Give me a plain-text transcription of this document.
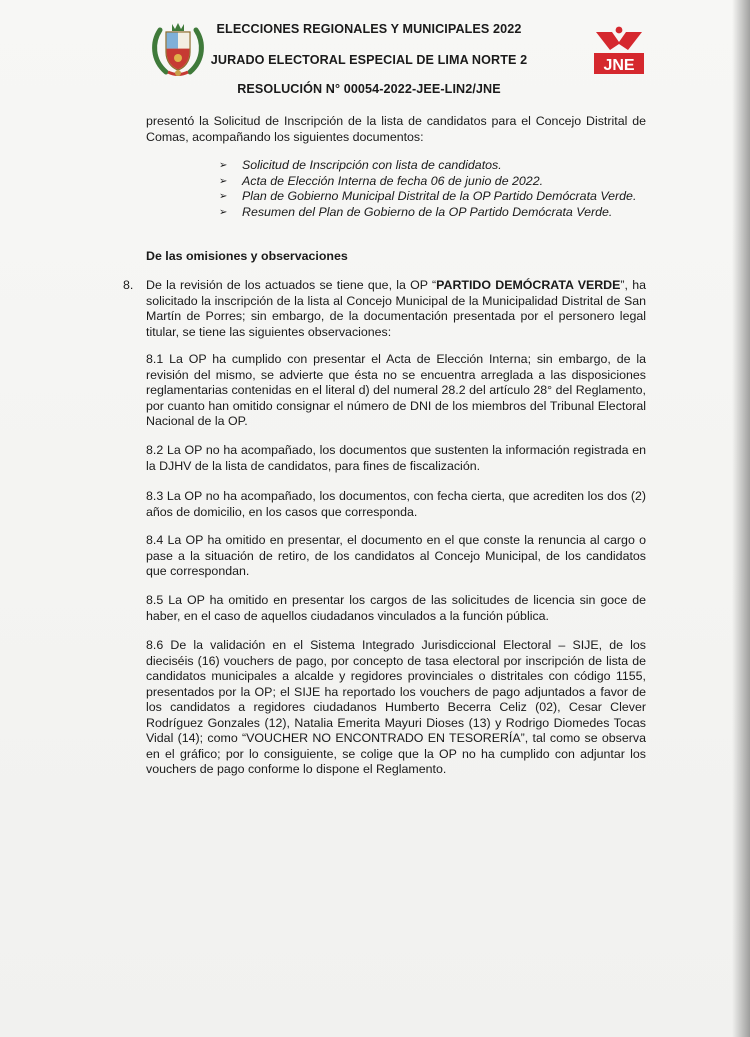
ELECCIONES REGIONALES Y MUNICIPALES 2022
JURADO ELECTORAL ESPECIAL DE LIMA NORTE 2
RESOLUCIÓN N° 00054-2022-JEE-LIN2/JNE
JNE
presentó la Solicitud de Inscripción de la lista de candidatos para el Concejo Distrital de Comas, acompañando los siguientes documentos:
➢	Solicitud de Inscripción con lista de candidatos.
➢	Acta de Elección Interna de fecha 06 de junio de 2022.
➢	Plan de Gobierno Municipal Distrital de la OP Partido Demócrata Verde.
➢	Resumen del Plan de Gobierno de la OP Partido Demócrata Verde.
De las omisiones y observaciones
8. De la revisión de los actuados se tiene que, la OP “PARTIDO DEMÓCRATA VERDE”, ha solicitado la inscripción de la lista al Concejo Municipal de la Municipalidad Distrital de San Martín de Porres; sin embargo, de la documentación presentada por el personero legal titular, se tiene las siguientes observaciones:
8.1 La OP ha cumplido con presentar el Acta de Elección Interna; sin embargo, de la revisión del mismo, se advierte que ésta no se encuentra arreglada a las disposiciones reglamentarias contenidas en el literal d) del numeral 28.2 del artículo 28° del Reglamento, por cuanto han omitido consignar el número de DNI de los miembros del Tribunal Electoral Nacional de la OP.
8.2 La OP no ha acompañado, los documentos que sustenten la información registrada en la DJHV de la lista de candidatos, para fines de fiscalización.
8.3 La OP no ha acompañado, los documentos, con fecha cierta, que acrediten los dos (2) años de domicilio, en los casos que corresponda.
8.4 La OP ha omitido en presentar, el documento en el que conste la renuncia al cargo o pase a la situación de retiro, de los candidatos al Concejo Municipal, de los candidatos que correspondan.
8.5 La OP ha omitido en presentar los cargos de las solicitudes de licencia sin goce de haber, en el caso de aquellos ciudadanos vinculados a la función pública.
8.6 De la validación en el Sistema Integrado Jurisdiccional Electoral – SIJE, de los dieciséis (16) vouchers de pago, por concepto de tasa electoral por inscripción de lista de candidatos municipales a alcalde y regidores provinciales o distritales con código 1155, presentados por la OP; el SIJE ha reportado los vouchers de pago adjuntados a favor de los candidatos a regidores ciudadanos Humberto Becerra Celiz (02), Cesar Clever Rodríguez Gonzales (12), Natalia Emerita Mayuri Dioses (13) y Rodrigo Diomedes Tocas Vidal (14); como “VOUCHER NO ENCONTRADO EN TESORERÍA”, tal como se observa en el gráfico; por lo consiguiente, se colige que la OP no ha cumplido con adjuntar los vouchers de pago conforme lo dispone el Reglamento.
